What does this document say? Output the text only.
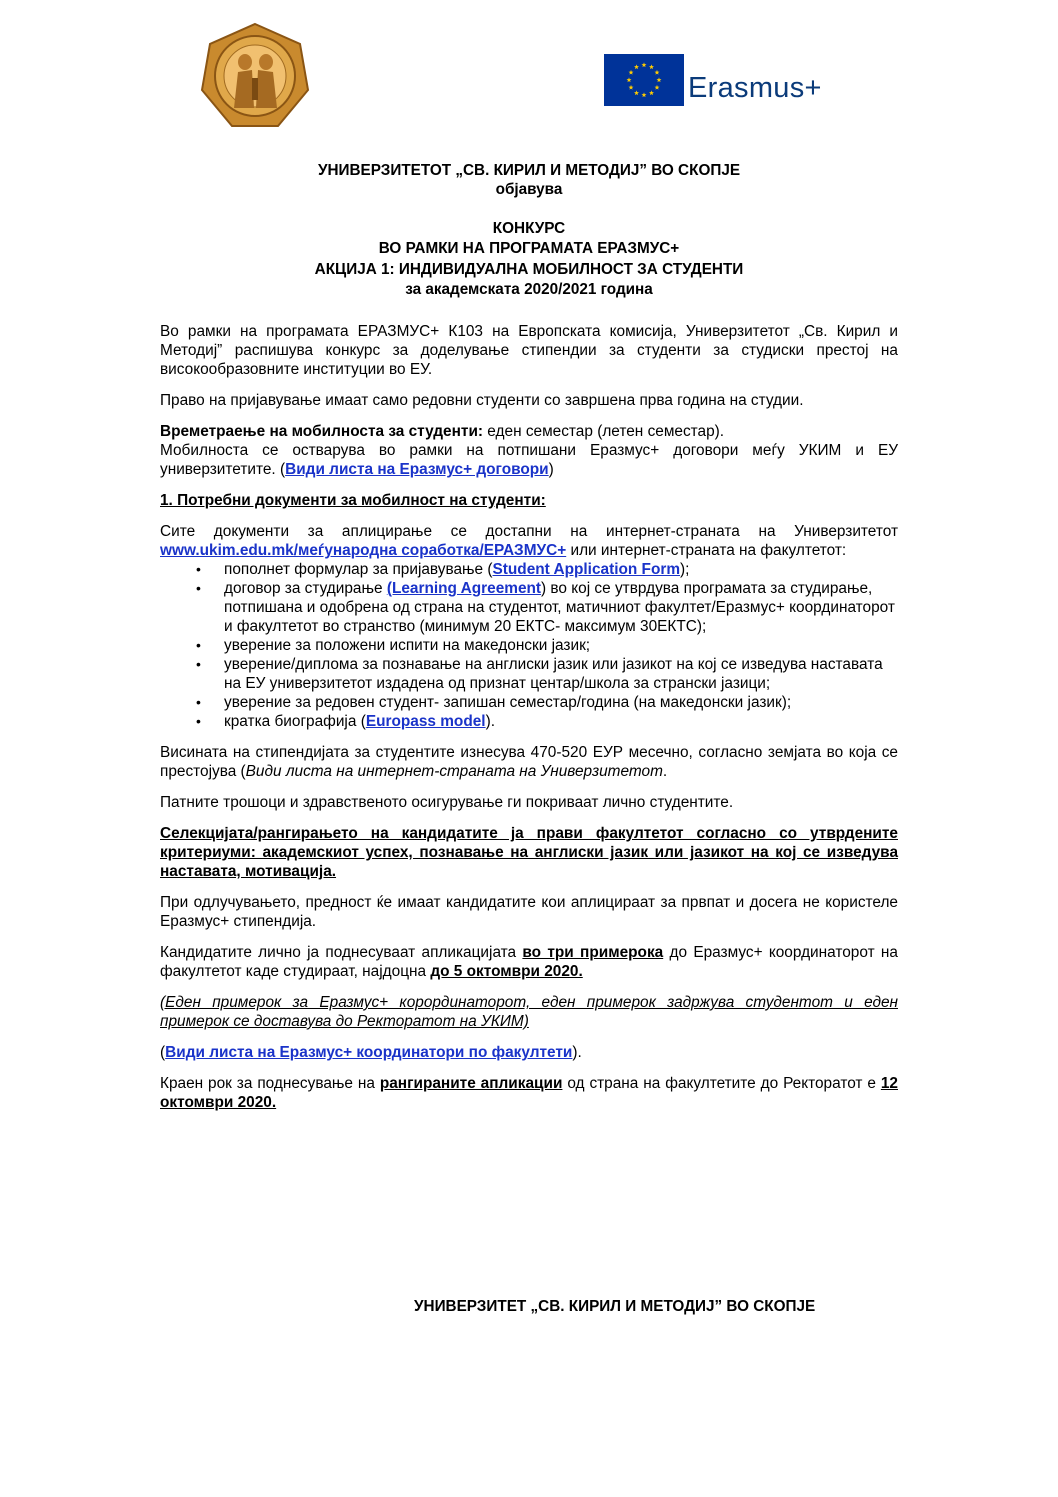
Erasmus+
УНИВЕРЗИТЕТОТ „СВ. КИРИЛ И МЕТОДИЈ” ВО СКОПЈЕ
објавува
КОНКУРС
ВО РАМКИ НА ПРОГРАМАТА ЕРАЗМУС+
АКЦИЈА 1: ИНДИВИДУАЛНА МОБИЛНОСТ ЗА СТУДЕНТИ
за академската 2020/2021 година

Во рамки на програмата ЕРАЗМУС+ К103 на Европската комисија, Универзитетот „Св. Кирил и Методиј” распишува конкурс за доделување стипендии за студенти за студиски престој на високообразовните институции во ЕУ.

Право на пријавување имаат само редовни студенти со завршена прва година на студии.

Времетраење на мобилноста за студенти: еден семестар (летен семестар).
Мобилноста се остварува во рамки на потпишани Еразмус+ договори меѓу УКИМ и ЕУ универзитетите. (Види листа на Еразмус+ договори)

1. Потребни документи за мобилност на студенти:

Сите документи за аплицирање се достапни на интернет-страната на Универзитетот www.ukim.edu.mk/меѓународна соработка/ЕРАЗМУС+ или интернет-страната на факултетот:

• пополнет формулар за пријавување (Student Application Form);
• договор за студирање (Learning Agreement) во кој се утврдува програмата за студирање, потпишана и одобрена од страна на студентот, матичниот факултет/Еразмус+ координаторот и факултетот во странство (минимум 20 ЕКТС- максимум 30ЕКТС);
• уверение за положени испити на македонски јазик;
• уверение/диплома за познавање на англиски јазик или јазикот на кој се изведува наставата на ЕУ универзитетот издадена од признат центар/школа за странски јазици;
• уверение за редовен студент- запишан семестар/година (на македонски јазик);
• кратка биографија (Europass model).

Висината на стипендијата за студентите изнесува 470-520 ЕУР месечно, согласно земјата во која се престојува (Види листа на интернет-страната на Универзитетот.

Патните трошоци и здравственото осигурување ги покриваат лично студентите.

Селекцијата/рангирањето на кандидатите ја прави факултетот согласно со утврдените критериуми: академскиот успех, познавање на англиски јазик или јазикот на кој се изведува наставата, мотивација.

При одлучувањето, предност ќе имаат кандидатите кои аплицираат за првпат и досега не користеле Еразмус+ стипендија.

Кандидатите лично ја поднесуваат апликацијата во три примерока до Еразмус+ координаторот на факултетот каде студираат, најдоцна до 5 октомври 2020.

(Еден примерок за Еразмус+ корординаторот, еден примерок задржува студентот и еден примерок се доставува до Ректоратот на УКИМ)

(Види листа на Еразмус+ координатори по факултети).

Краен рок за поднесување на рангираните апликации од страна на факултетите до Ректоратот е 12 октомври 2020.

УНИВЕРЗИТЕТ „СВ. КИРИЛ И МЕТОДИЈ” ВО СКОПЈЕ
